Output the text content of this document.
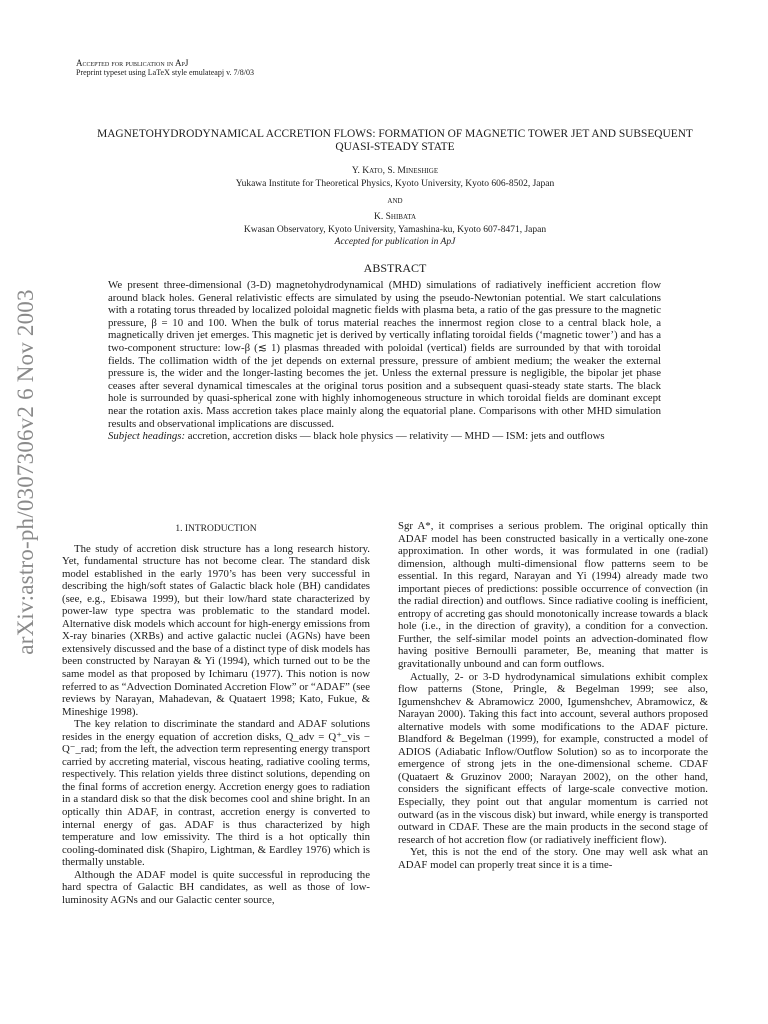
arXiv:astro-ph/0307306v2 6 Nov 2003
Accepted for publication in ApJ
Preprint typeset using LaTeX style emulateapj v. 7/8/03
MAGNETOHYDRODYNAMICAL ACCRETION FLOWS: FORMATION OF MAGNETIC TOWER JET AND SUBSEQUENT QUASI-STEADY STATE
Y. Kato, S. Mineshige
Yukawa Institute for Theoretical Physics, Kyoto University, Kyoto 606-8502, Japan
and
K. Shibata
Kwasan Observatory, Kyoto University, Yamashina-ku, Kyoto 607-8471, Japan
Accepted for publication in ApJ
ABSTRACT

We present three-dimensional (3-D) magnetohydrodynamical (MHD) simulations of radiatively inefficient accretion flow around black holes. General relativistic effects are simulated by using the pseudo-Newtonian potential. We start calculations with a rotating torus threaded by localized poloidal magnetic fields with plasma beta, a ratio of the gas pressure to the magnetic pressure, β = 10 and 100. When the bulk of torus material reaches the innermost region close to a central black hole, a magnetically driven jet emerges. This magnetic jet is derived by vertically inflating toroidal fields (‘magnetic tower’) and has a two-component structure: low-β (≲ 1) plasmas threaded with poloidal (vertical) fields are surrounded by that with toroidal fields. The collimation width of the jet depends on external pressure, pressure of ambient medium; the weaker the external pressure is, the wider and the longer-lasting becomes the jet. Unless the external pressure is negligible, the bipolar jet phase ceases after several dynamical timescales at the original torus position and a subsequent quasi-steady state starts. The black hole is surrounded by quasi-spherical zone with highly inhomogeneous structure in which toroidal fields are dominant except near the rotation axis. Mass accretion takes place mainly along the equatorial plane. Comparisons with other MHD simulation results and observational implications are discussed.

Subject headings: accretion, accretion disks — black hole physics — relativity — MHD — ISM: jets and outflows

1. INTRODUCTION

The study of accretion disk structure has a long research history. Yet, fundamental structure has not become clear. The standard disk model established in the early 1970’s has been very successful in describing the high/soft states of Galactic black hole (BH) candidates (see, e.g., Ebisawa 1999), but their low/hard state characterized by power-law type spectra was problematic to the standard model. Alternative disk models which account for high-energy emissions from X-ray binaries (XRBs) and active galactic nuclei (AGNs) have been extensively discussed and the base of a distinct type of disk models has been constructed by Narayan & Yi (1994), which turned out to be the same model as that proposed by Ichimaru (1977). This notion is now referred to as “Advection Dominated Accretion Flow” or “ADAF” (see reviews by Narayan, Mahadevan, & Quataert 1998; Kato, Fukue, & Mineshige 1998).

The key relation to discriminate the standard and ADAF solutions resides in the energy equation of accretion disks, Q_adv = Q⁺_vis − Q⁻_rad; from the left, the advection term representing energy transport carried by accreting material, viscous heating, radiative cooling terms, respectively. This relation yields three distinct solutions, depending on the final forms of accretion energy. Accretion energy goes to radiation in a standard disk so that the disk becomes cool and shine bright. In an optically thin ADAF, in contrast, accretion energy is converted to internal energy of gas. ADAF is thus characterized by high temperature and low emissivity. The third is a hot optically thin cooling-dominated disk (Shapiro, Lightman, & Eardley 1976) which is thermally unstable.

Although the ADAF model is quite successful in reproducing the hard spectra of Galactic BH candidates, as well as those of low-luminosity AGNs and our Galactic center source,

Sgr A*, it comprises a serious problem. The original optically thin ADAF model has been constructed basically in a vertically one-zone approximation. In other words, it was formulated in one (radial) dimension, although multi-dimensional flow patterns seem to be essential. In this regard, Narayan and Yi (1994) already made two important pieces of predictions: possible occurrence of convection (in the radial direction) and outflows. Since radiative cooling is inefficient, entropy of accreting gas should monotonically increase towards a black hole (i.e., in the direction of gravity), a condition for a convection. Further, the self-similar model points an advection-dominated flow having positive Bernoulli parameter, Be, meaning that matter is gravitationally unbound and can form outflows.

Actually, 2- or 3-D hydrodynamical simulations exhibit complex flow patterns (Stone, Pringle, & Begelman 1999; see also, Igumenshchev & Abramowicz 2000, Igumenshchev, Abramowicz, & Narayan 2000). Taking this fact into account, several authors proposed alternative models with some modifications to the ADAF picture. Blandford & Begelman (1999), for example, constructed a model of ADIOS (Adiabatic Inflow/Outflow Solution) so as to incorporate the emergence of strong jets in the one-dimensional scheme. CDAF (Quataert & Gruzinov 2000; Narayan 2002), on the other hand, considers the significant effects of large-scale convective motion. Especially, they point out that angular momentum is carried not outward (as in the viscous disk) but inward, while energy is transported outward in CDAF. These are the main products in the second stage of research of hot accretion flow (or radiatively inefficient flow).

Yet, this is not the end of the story. One may well ask what an ADAF model can properly treat since it is a time-
